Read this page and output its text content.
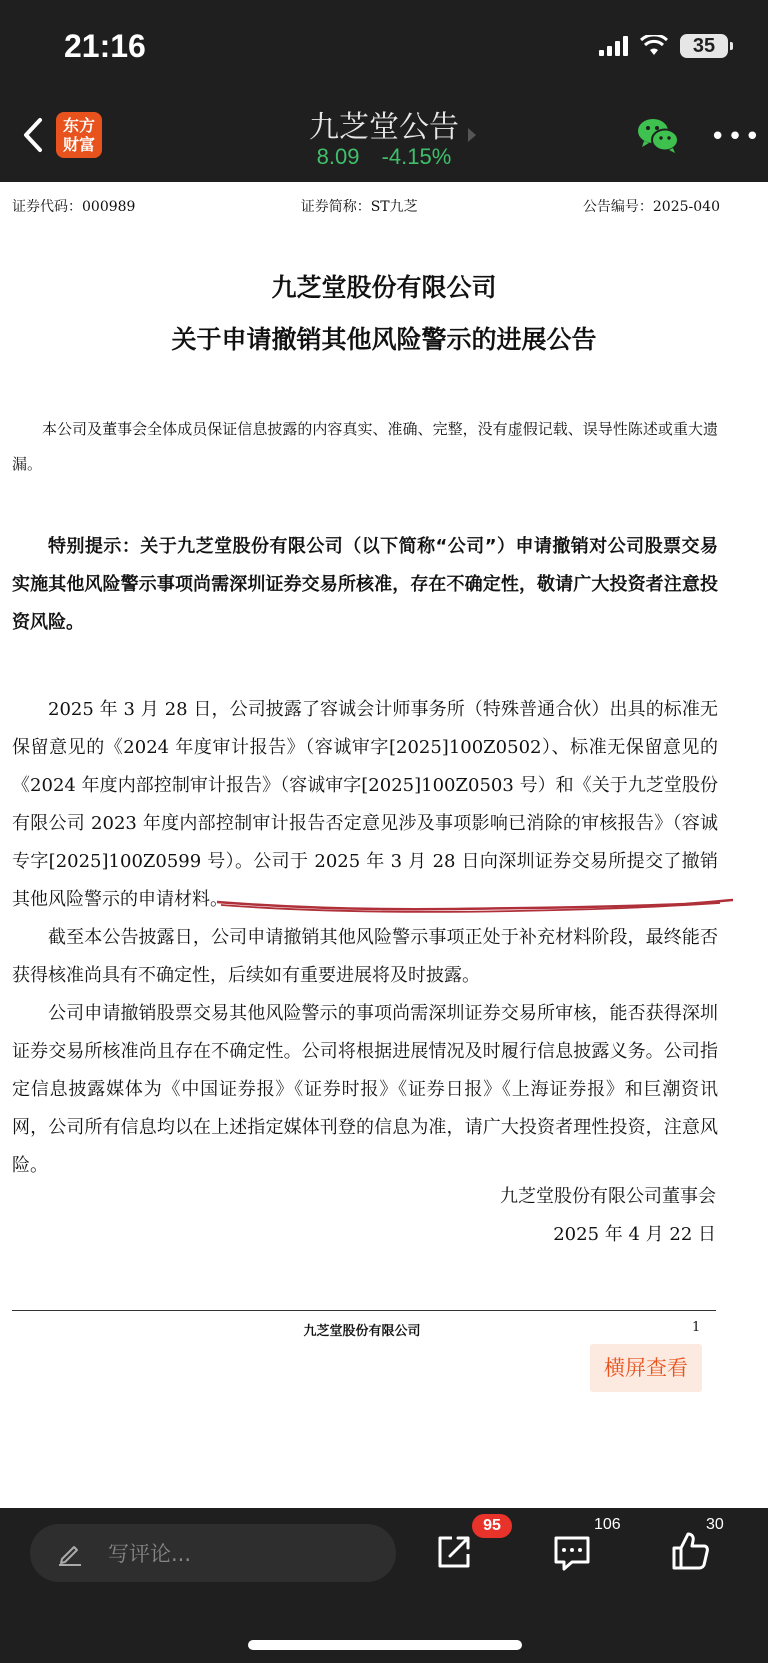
21:16	35
东方
财富	九芝堂公告
8.09 -4.15%
•••
证券代码：000989	证券简称：ST九芝	公告编号：2025-040
九芝堂股份有限公司
关于申请撤销其他风险警示的进展公告
本公司及董事会全体成员保证信息披露的内容真实、准确、完整，没有虚假记载、误导性陈述或重大遗漏。
特别提示：关于九芝堂股份有限公司（以下简称“公司”）申请撤销对公司股票交易实施其他风险警示事项尚需深圳证券交易所核准，存在不确定性，敬请广大投资者注意投资风险。
2025 年 3 月 28 日，公司披露了容诚会计师事务所（特殊普通合伙）出具的标准无保留意见的《2024 年度审计报告》（容诚审字[2025]100Z0502）、标准无保留意见的《2024 年度内部控制审计报告》（容诚审字[2025]100Z0503 号）和《关于九芝堂股份有限公司 2023 年度内部控制审计报告否定意见涉及事项影响已消除的审核报告》（容诚专字[2025]100Z0599 号）。公司于 2025 年 3 月 28 日向深圳证券交易所提交了撤销其他风险警示的申请材料。
截至本公告披露日，公司申请撤销其他风险警示事项正处于补充材料阶段，最终能否获得核准尚具有不确定性，后续如有重要进展将及时披露。
公司申请撤销股票交易其他风险警示的事项尚需深圳证券交易所审核，能否获得深圳证券交易所核准尚且存在不确定性。公司将根据进展情况及时履行信息披露义务。公司指定信息披露媒体为《中国证券报》《证券时报》《证券日报》《上海证券报》和巨潮资讯网，公司所有信息均以在上述指定媒体刊登的信息为准，请广大投资者理性投资，注意风险。
九芝堂股份有限公司董事会
2025 年 4 月 22 日
九芝堂股份有限公司	1
横屏查看
写评论...
95	106	30
